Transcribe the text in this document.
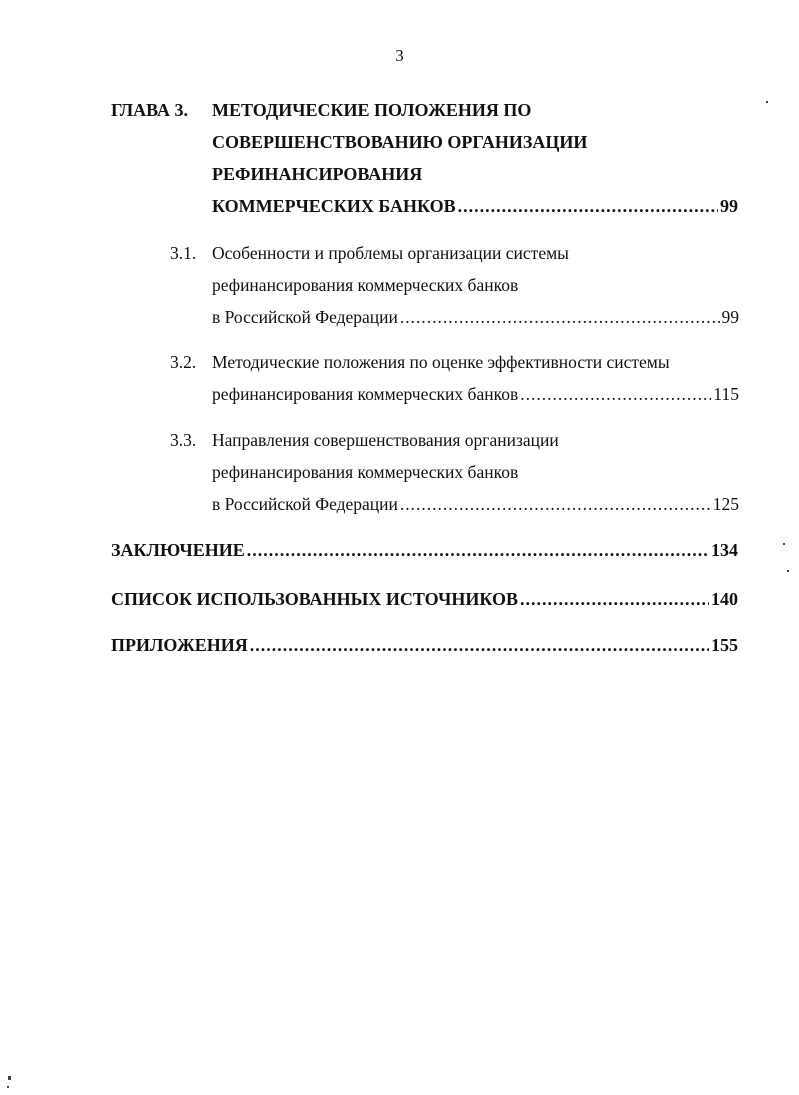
3
ГЛАВА 3. МЕТОДИЧЕСКИЕ ПОЛОЖЕНИЯ ПО
СОВЕРШЕНСТВОВАНИЮ ОРГАНИЗАЦИИ
РЕФИНАНСИРОВАНИЯ
КОММЕРЧЕСКИХ БАНКОВ .....	99
3.1. Особенности и проблемы организации системы
рефинансирования коммерческих банков
в Российской Федерации .....	99
3.2. Методические положения по оценке эффективности системы
рефинансирования коммерческих банков .....	115
3.3. Направления совершенствования организации
рефинансирования коммерческих банков
в Российской Федерации .....	125
ЗАКЛЮЧЕНИЕ .....	134
СПИСОК ИСПОЛЬЗОВАННЫХ ИСТОЧНИКОВ .....	140
ПРИЛОЖЕНИЯ .....	155
